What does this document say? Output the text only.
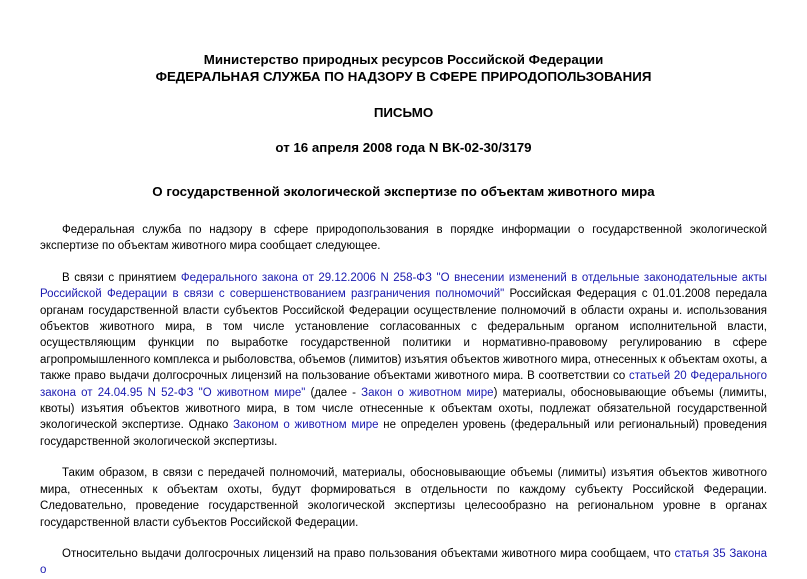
Министерство природных ресурсов Российской Федерации

ФЕДЕРАЛЬНАЯ СЛУЖБА ПО НАДЗОРУ В СФЕРЕ ПРИРОДОПОЛЬЗОВАНИЯ

ПИСЬМО

от 16 апреля 2008 года N ВК-02-30/3179

О государственной экологической экспертизе по объектам животного мира

Федеральная служба по надзору в сфере природопользования в порядке информации о государственной экологической экспертизе по объектам животного мира сообщает следующее.

В связи с принятием Федерального закона от 29.12.2006 N 258-ФЗ "О внесении изменений в отдельные законодательные акты Российской Федерации в связи с совершенствованием разграничения полномочий" Российская Федерация с 01.01.2008 передала органам государственной власти субъектов Российской Федерации осуществление полномочий в области охраны и. использования объектов животного мира, в том числе установление согласованных с федеральным органом исполнительной власти, осуществляющим функции по выработке государственной политики и нормативно-правовому регулированию в сфере агропромышленного комплекса и рыболовства, объемов (лимитов) изъятия объектов животного мира, отнесенных к объектам охоты, а также право выдачи долгосрочных лицензий на пользование объектами животного мира. В соответствии со статьей 20 Федерального закона от 24.04.95 N 52-ФЗ "О животном мире" (далее - Закон о животном мире) материалы, обосновывающие объемы (лимиты, квоты) изъятия объектов животного мира, в том числе отнесенные к объектам охоты, подлежат обязательной государственной экологической экспертизе. Однако Законом о животном мире не определен уровень (федеральный или региональный) проведения государственной экологической экспертизы.

Таким образом, в связи с передачей полномочий, материалы, обосновывающие объемы (лимиты) изъятия объектов животного мира, отнесенных к объектам охоты, будут формироваться в отдельности по каждому субъекту Российской Федерации. Следовательно, проведение государственной экологической экспертизы целесообразно на региональном уровне в органах государственной власти субъектов Российской Федерации.

Относительно выдачи долгосрочных лицензий на право пользования объектами животного мира сообщаем, что статья 35 Закона о
